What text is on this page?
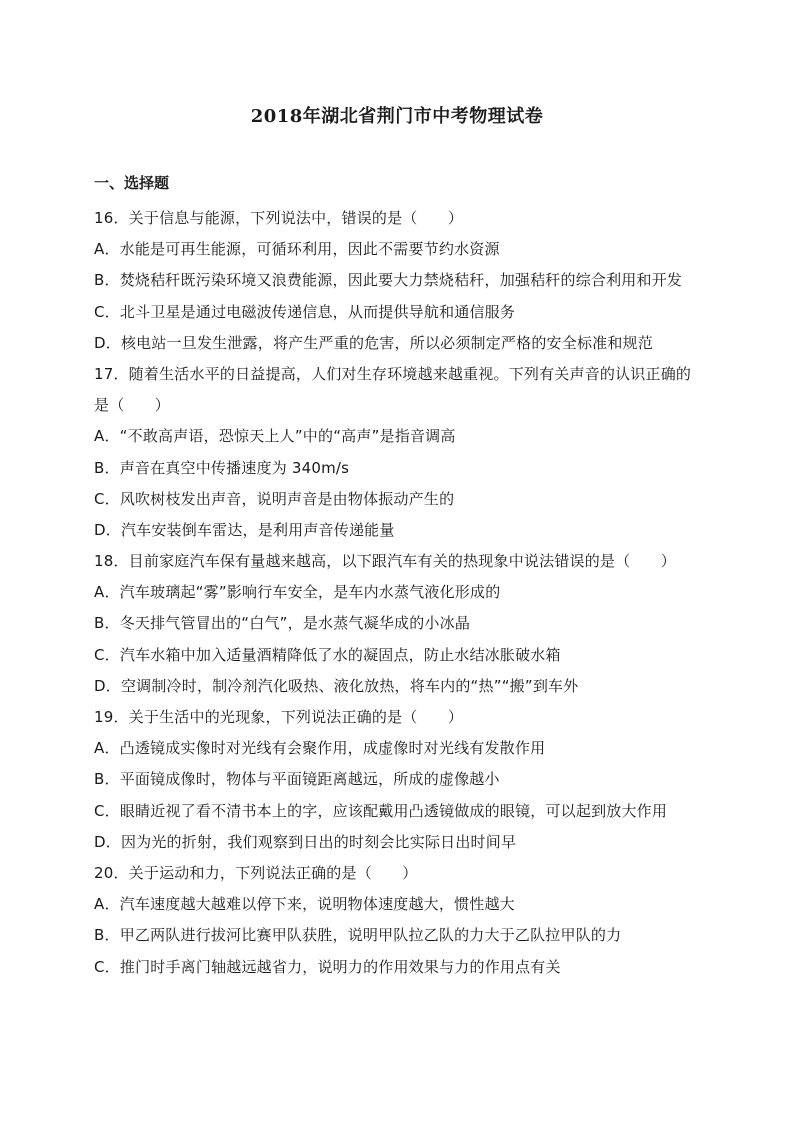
2018年湖北省荆门市中考物理试卷
一、选择题
16．关于信息与能源，下列说法中，错误的是（　　）
A．水能是可再生能源，可循环利用，因此不需要节约水资源
B．焚烧秸秆既污染环境又浪费能源，因此要大力禁烧秸秆，加强秸秆的综合利用和开发
C．北斗卫星是通过电磁波传递信息，从而提供导航和通信服务
D．核电站一旦发生泄露，将产生严重的危害，所以必须制定严格的安全标准和规范
17．随着生活水平的日益提高，人们对生存环境越来越重视。下列有关声音的认识正确的是（　　）
A．“不敢高声语，恐惊天上人”中的“高声”是指音调高
B．声音在真空中传播速度为 340m/s
C．风吹树枝发出声音，说明声音是由物体振动产生的
D．汽车安装倒车雷达，是利用声音传递能量
18．目前家庭汽车保有量越来越高，以下跟汽车有关的热现象中说法错误的是（　　）
A．汽车玻璃起“雾”影响行车安全，是车内水蒸气液化形成的
B．冬天排气管冒出的“白气”，是水蒸气凝华成的小冰晶
C．汽车水箱中加入适量酒精降低了水的凝固点，防止水结冰胀破水箱
D．空调制冷时，制冷剂汽化吸热、液化放热，将车内的“热”“搬”到车外
19．关于生活中的光现象，下列说法正确的是（　　）
A．凸透镜成实像时对光线有会聚作用，成虚像时对光线有发散作用
B．平面镜成像时，物体与平面镜距离越远，所成的虚像越小
C．眼睛近视了看不清书本上的字，应该配戴用凸透镜做成的眼镜，可以起到放大作用
D．因为光的折射，我们观察到日出的时刻会比实际日出时间早
20．关于运动和力，下列说法正确的是（　　）
A．汽车速度越大越难以停下来，说明物体速度越大，惯性越大
B．甲乙两队进行拔河比赛甲队获胜，说明甲队拉乙队的力大于乙队拉甲队的力
C．推门时手离门轴越远越省力，说明力的作用效果与力的作用点有关
